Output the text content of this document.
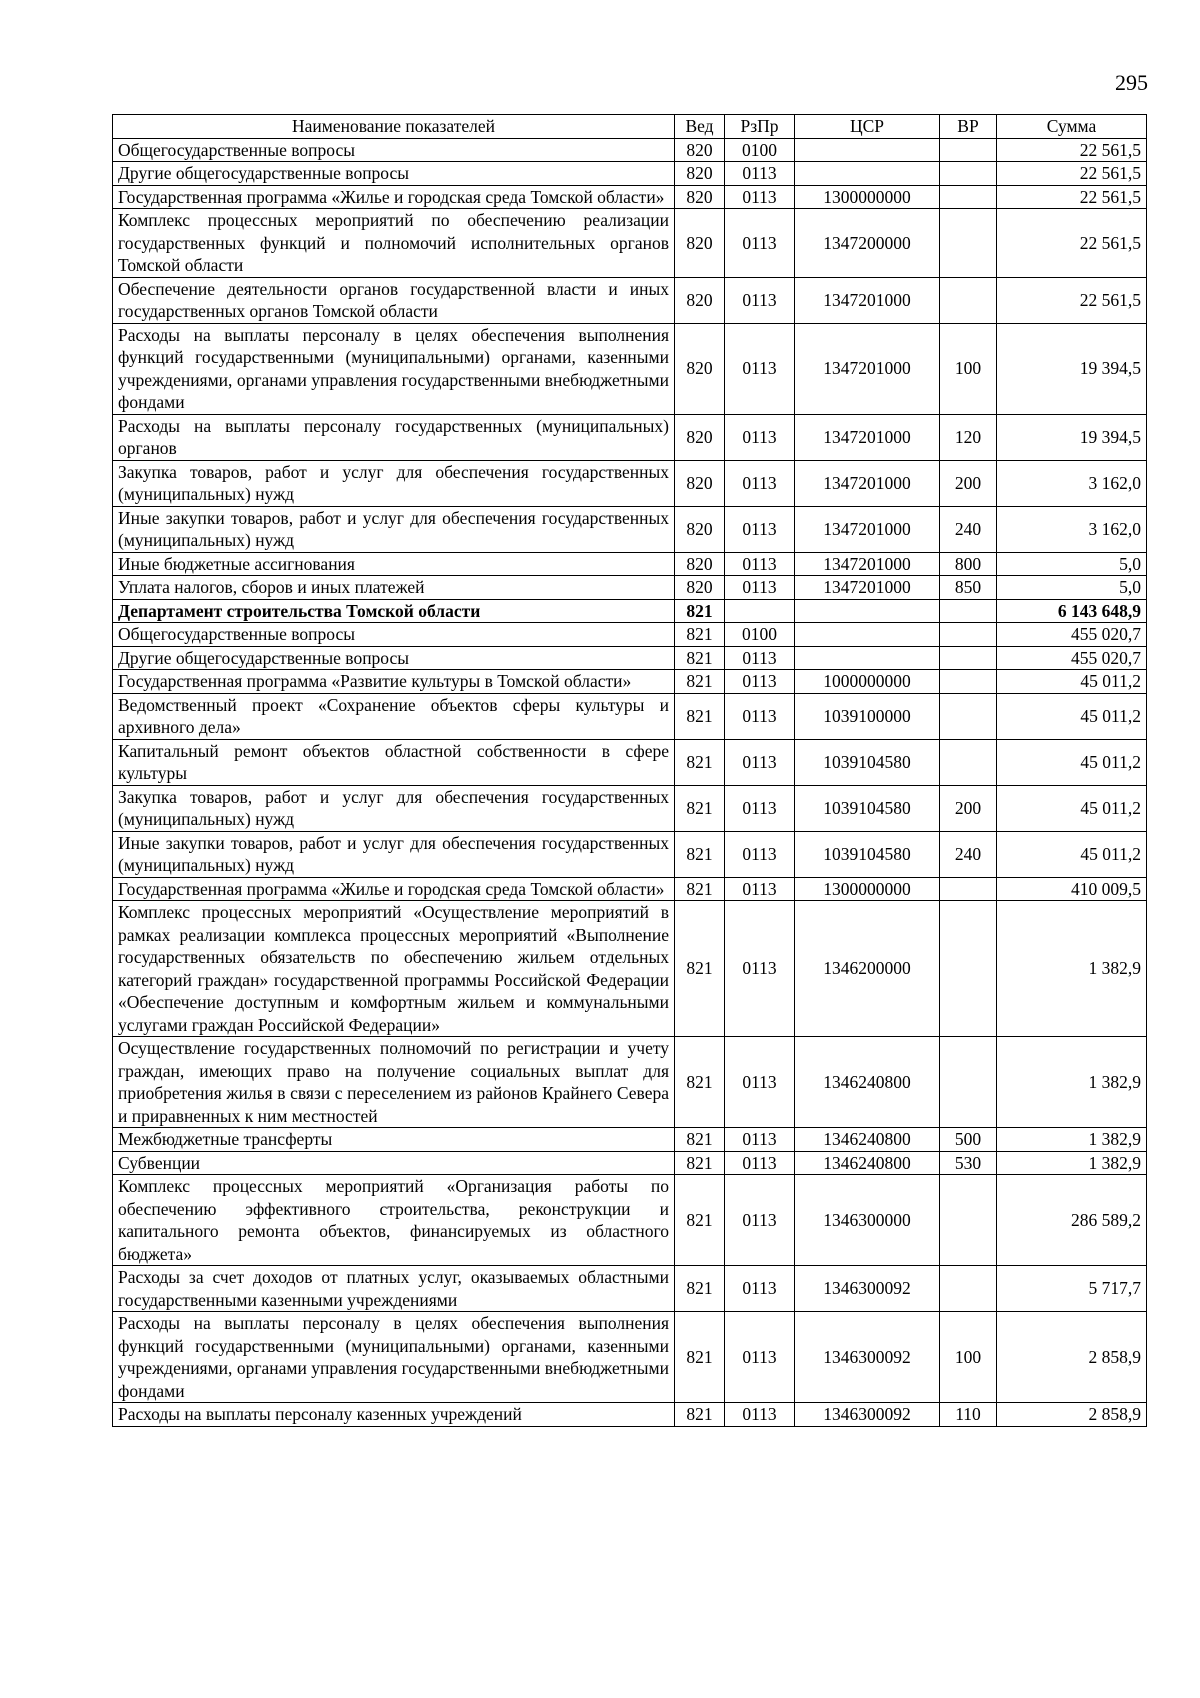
295
Наименование показателей	Вед	РзПр	ЦСР	ВР	Сумма
Общегосударственные вопросы	820	0100			22 561,5
Другие общегосударственные вопросы	820	0113			22 561,5
Государственная программа «Жилье и городская среда Томской области»	820	0113	1300000000		22 561,5
Комплекс процессных мероприятий по обеспечению реализации государственных функций и полномочий исполнительных органов Томской области	820	0113	1347200000		22 561,5
Обеспечение деятельности органов государственной власти и иных государственных органов Томской области	820	0113	1347201000		22 561,5
Расходы на выплаты персоналу в целях обеспечения выполнения функций государственными (муниципальными) органами, казенными учреждениями, органами управления государственными внебюджетными фондами	820	0113	1347201000	100	19 394,5
Расходы на выплаты персоналу государственных (муниципальных) органов	820	0113	1347201000	120	19 394,5
Закупка товаров, работ и услуг для обеспечения государственных (муниципальных) нужд	820	0113	1347201000	200	3 162,0
Иные закупки товаров, работ и услуг для обеспечения государственных (муниципальных) нужд	820	0113	1347201000	240	3 162,0
Иные бюджетные ассигнования	820	0113	1347201000	800	5,0
Уплата налогов, сборов и иных платежей	820	0113	1347201000	850	5,0
Департамент строительства Томской области	821				6 143 648,9
Общегосударственные вопросы	821	0100			455 020,7
Другие общегосударственные вопросы	821	0113			455 020,7
Государственная программа «Развитие культуры в Томской области»	821	0113	1000000000		45 011,2
Ведомственный проект «Сохранение объектов сферы культуры и архивного дела»	821	0113	1039100000		45 011,2
Капитальный ремонт объектов областной собственности в сфере культуры	821	0113	1039104580		45 011,2
Закупка товаров, работ и услуг для обеспечения государственных (муниципальных) нужд	821	0113	1039104580	200	45 011,2
Иные закупки товаров, работ и услуг для обеспечения государственных (муниципальных) нужд	821	0113	1039104580	240	45 011,2
Государственная программа «Жилье и городская среда Томской области»	821	0113	1300000000		410 009,5
Комплекс процессных мероприятий «Осуществление мероприятий в рамках реализации комплекса процессных мероприятий «Выполнение государственных обязательств по обеспечению жильем отдельных категорий граждан» государственной программы Российской Федерации «Обеспечение доступным и комфортным жильем и коммунальными услугами граждан Российской Федерации»	821	0113	1346200000		1 382,9
Осуществление государственных полномочий по регистрации и учету граждан, имеющих право на получение социальных выплат для приобретения жилья в связи с переселением из районов Крайнего Севера и приравненных к ним местностей	821	0113	1346240800		1 382,9
Межбюджетные трансферты	821	0113	1346240800	500	1 382,9
Субвенции	821	0113	1346240800	530	1 382,9
Комплекс процессных мероприятий «Организация работы по обеспечению эффективного строительства, реконструкции и капитального ремонта объектов, финансируемых из областного бюджета»	821	0113	1346300000		286 589,2
Расходы за счет доходов от платных услуг, оказываемых областными государственными казенными учреждениями	821	0113	1346300092		5 717,7
Расходы на выплаты персоналу в целях обеспечения выполнения функций государственными (муниципальными) органами, казенными учреждениями, органами управления государственными внебюджетными фондами	821	0113	1346300092	100	2 858,9
Расходы на выплаты персоналу казенных учреждений	821	0113	1346300092	110	2 858,9
